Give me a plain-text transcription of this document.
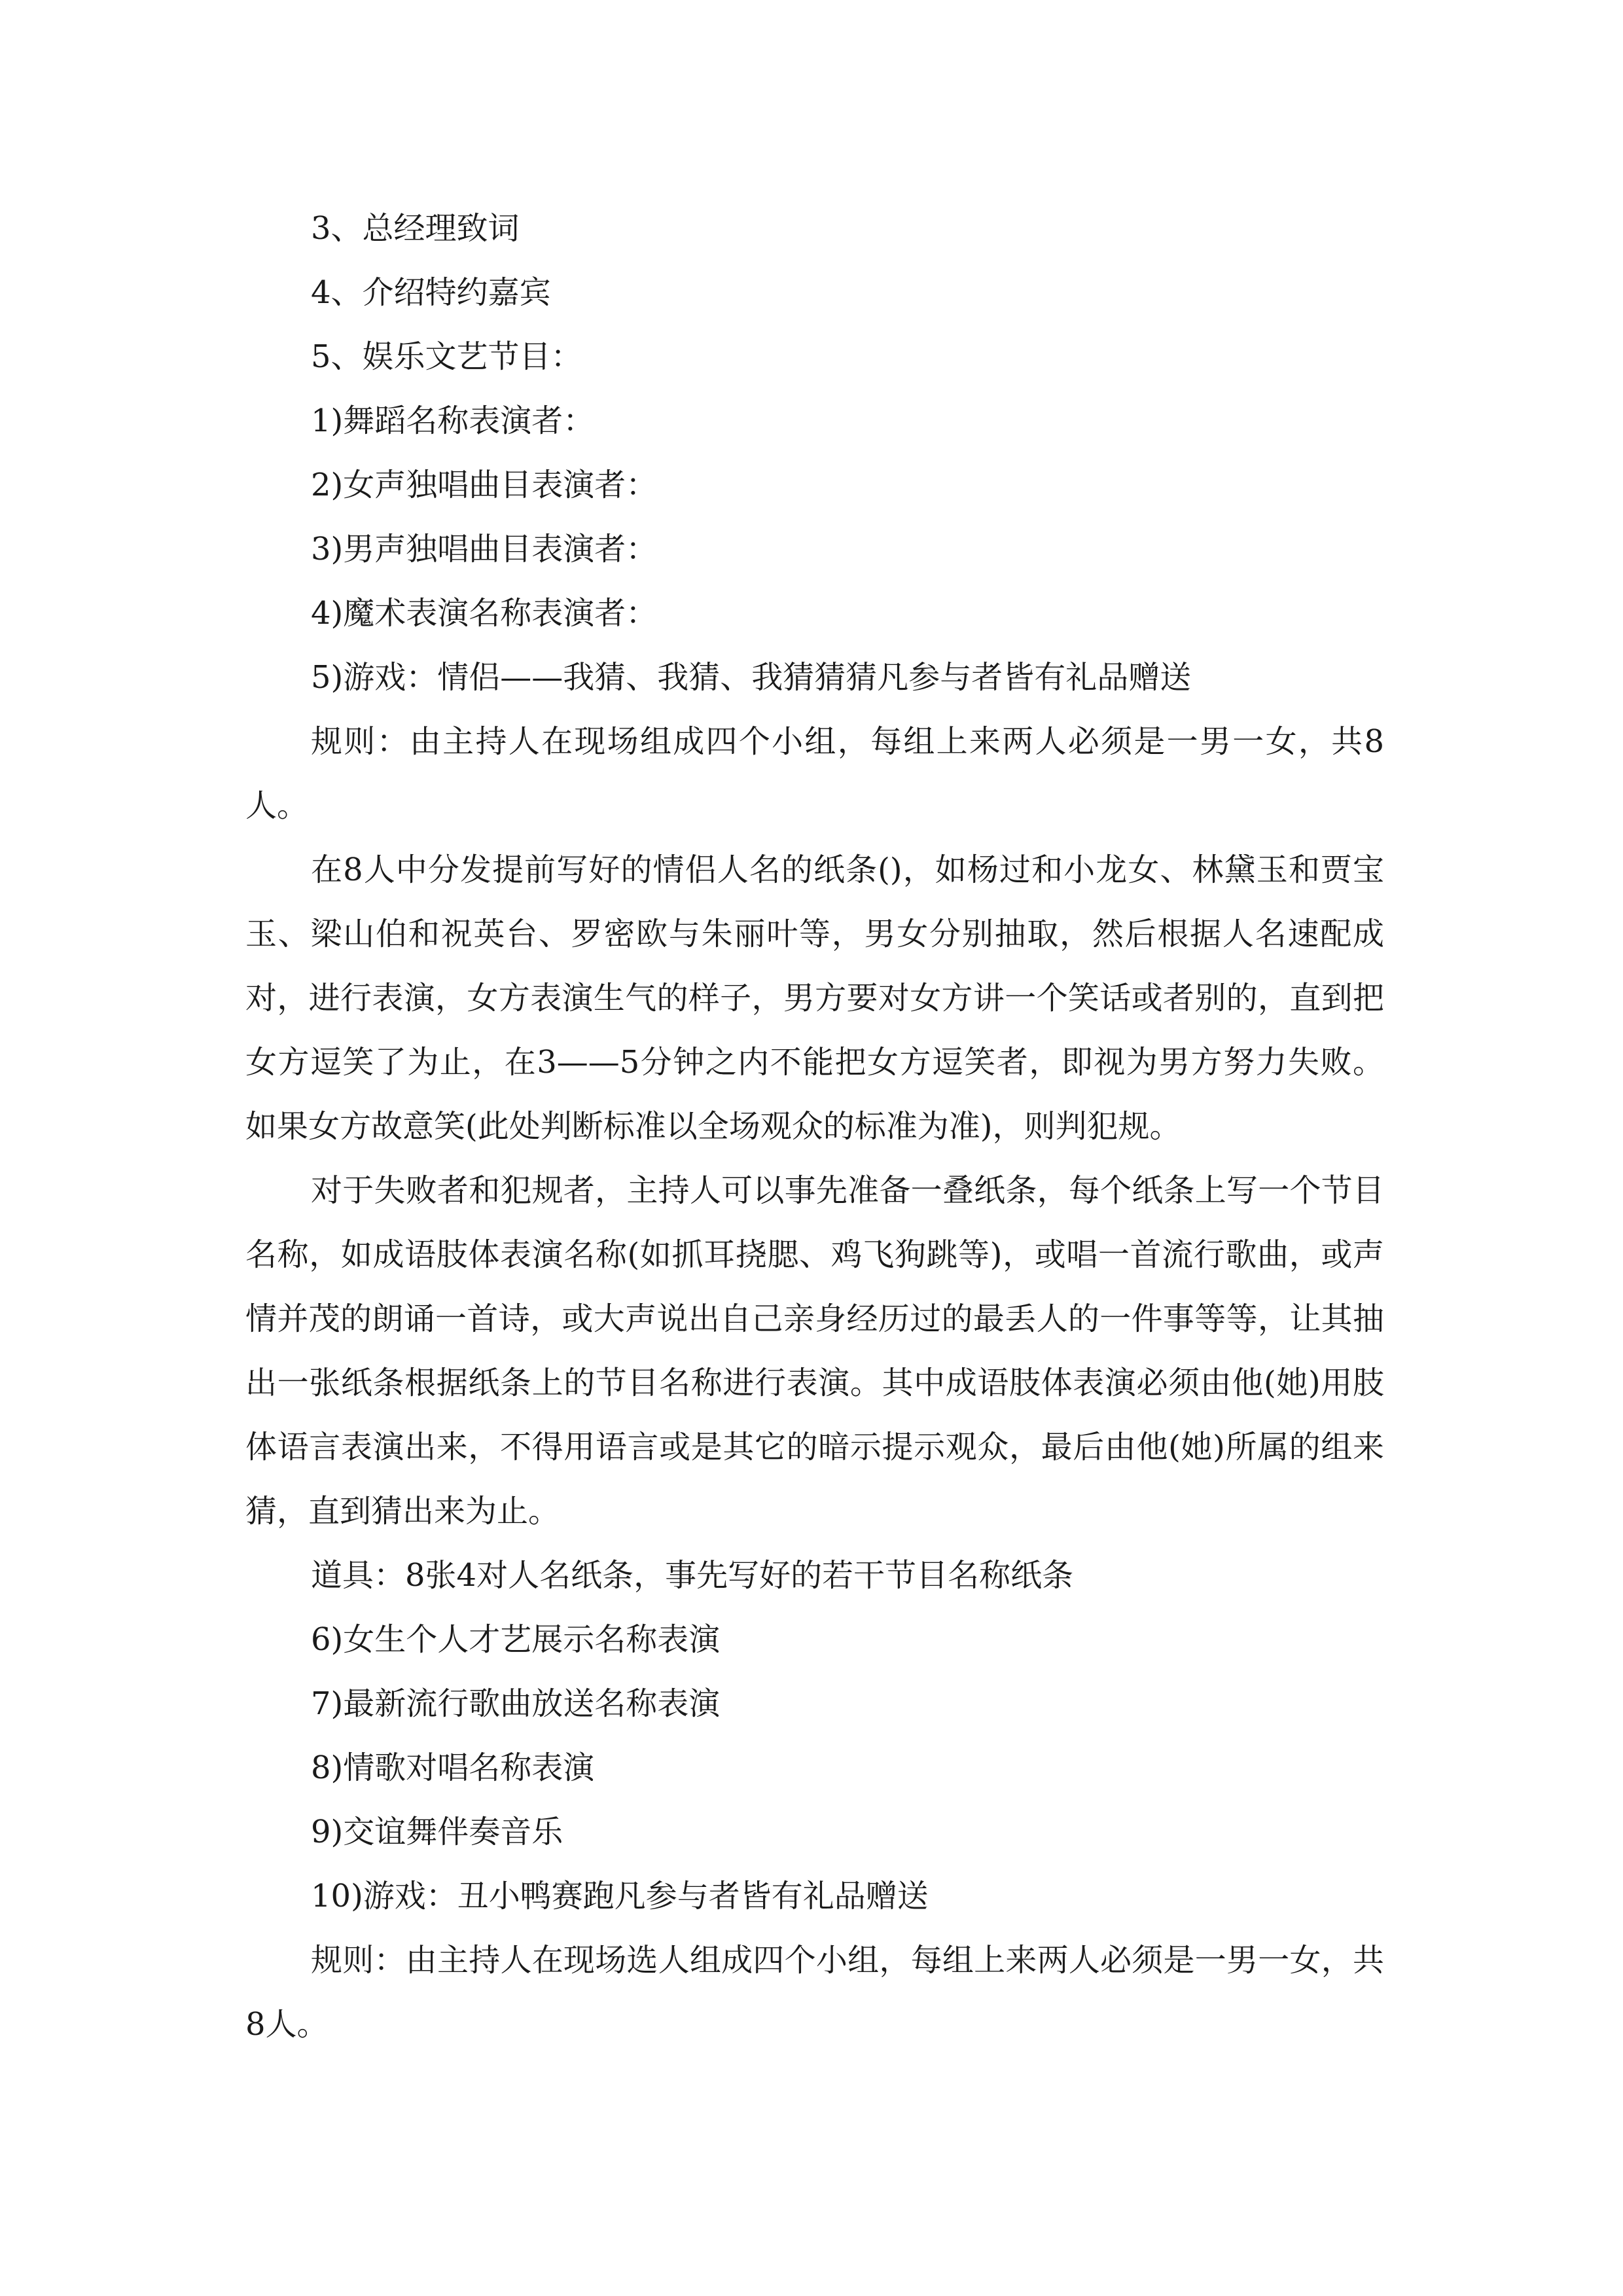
3、总经理致词
4、介绍特约嘉宾
5、娱乐文艺节目：
1)舞蹈名称表演者：
2)女声独唱曲目表演者：
3)男声独唱曲目表演者：
4)魔术表演名称表演者：
5)游戏：情侣——我猜、我猜、我猜猜猜凡参与者皆有礼品赠送

规则：由主持人在现场组成四个小组，每组上来两人必须是一男一女，共8人。

在8人中分发提前写好的情侣人名的纸条()，如杨过和小龙女、林黛玉和贾宝玉、梁山伯和祝英台、罗密欧与朱丽叶等，男女分别抽取，然后根据人名速配成对，进行表演，女方表演生气的样子，男方要对女方讲一个笑话或者别的，直到把女方逗笑了为止，在3——5分钟之内不能把女方逗笑者，即视为男方努力失败。如果女方故意笑(此处判断标准以全场观众的标准为准)，则判犯规。

对于失败者和犯规者，主持人可以事先准备一叠纸条，每个纸条上写一个节目名称，如成语肢体表演名称(如抓耳挠腮、鸡飞狗跳等)，或唱一首流行歌曲，或声情并茂的朗诵一首诗，或大声说出自己亲身经历过的最丢人的一件事等等，让其抽出一张纸条根据纸条上的节目名称进行表演。其中成语肢体表演必须由他(她)用肢体语言表演出来，不得用语言或是其它的暗示提示观众，最后由他(她)所属的组来猜，直到猜出来为止。

道具：8张4对人名纸条，事先写好的若干节目名称纸条
6)女生个人才艺展示名称表演
7)最新流行歌曲放送名称表演
8)情歌对唱名称表演
9)交谊舞伴奏音乐
10)游戏：丑小鸭赛跑凡参与者皆有礼品赠送

规则：由主持人在现场选人组成四个小组，每组上来两人必须是一男一女，共8人。
